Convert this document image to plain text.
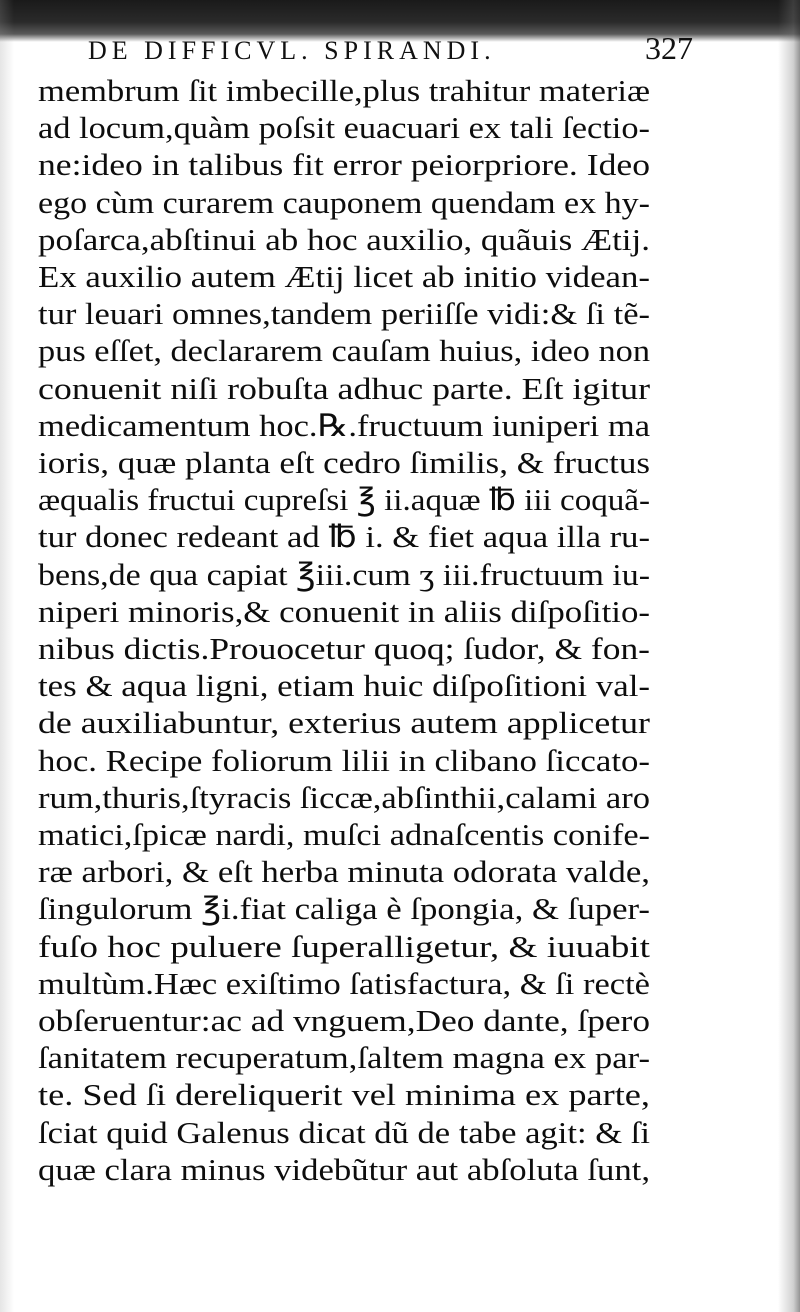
DE DIFFICVL. SPIRANDI.	327
membrum ſit imbecille,plus trahitur materiæ
ad locum,quàm poſsit euacuari ex tali ſectio-
ne:ideo in talibus fit error peiorpriore. Ideo
ego cùm curarem cauponem quendam ex hy-
poſarca,abſtinui ab hoc auxilio, quãuis Ætij.
Ex auxilio autem Ætij licet ab initio videan-
tur leuari omnes,tandem periiſſe vidi:& ſi tẽ-
pus eſſet, declararem cauſam huius, ideo non
conuenit niſi robuſta adhuc parte. Eſt igitur
medicamentum hoc.℞.fructuum iuniperi ma
ioris, quæ planta eſt cedro ſimilis, & fructus
æqualis fructui cupreſsi ℥ ii.aquæ ℔ iii coquã-
tur donec redeant ad ℔ i. & fiet aqua illa ru-
bens,de qua capiat ℥iii.cum ʒ iii.fructuum iu-
niperi minoris,& conuenit in aliis diſpoſitio-
nibus dictis.Prouocetur quoq; ſudor, & fon-
tes & aqua ligni, etiam huic diſpoſitioni val-
de auxiliabuntur, exterius autem applicetur
hoc. Recipe foliorum lilii in clibano ſiccato-
rum,thuris,ſtyracis ſiccæ,abſinthii,calami aro
matici,ſpicæ nardi, muſci adnaſcentis conife-
ræ arbori, & eſt herba minuta odorata valde,
ſingulorum ℥i.fiat caliga è ſpongia, & ſuper-
fuſo hoc puluere ſuperalligetur, & iuuabit
multùm.Hæc exiſtimo ſatisfactura, & ſi rectè
obſeruentur:ac ad vnguem,Deo dante, ſpero
ſanitatem recuperatum,ſaltem magna ex par-
te. Sed ſi dereliquerit vel minima ex parte,
ſciat quid Galenus dicat dũ de tabe agit: & ſi
quæ clara minus videbũtur aut abſoluta ſunt,
